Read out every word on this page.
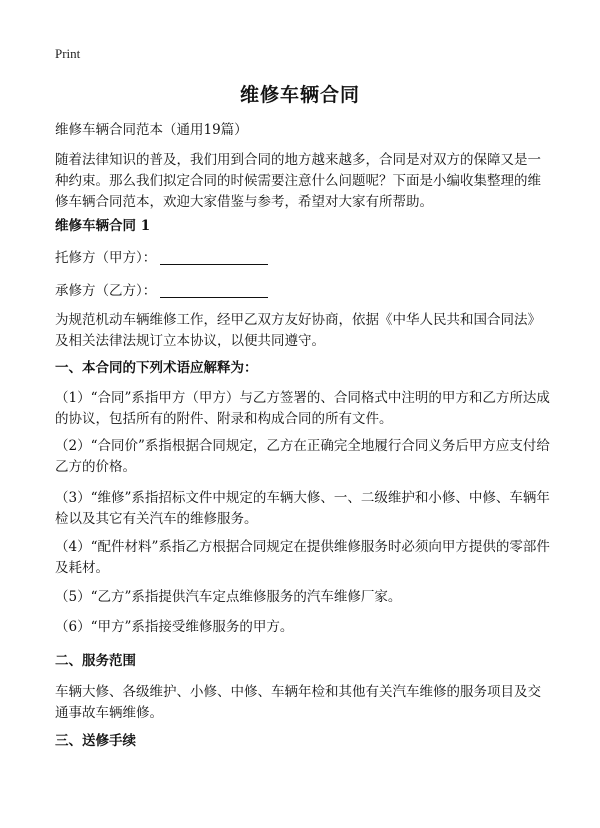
Print
维修车辆合同

维修车辆合同范本（通用19篇）

随着法律知识的普及，我们用到合同的地方越来越多，合同是对双方的保障又是一种约束。那么我们拟定合同的时候需要注意什么问题呢？下面是小编收集整理的维修车辆合同范本，欢迎大家借鉴与参考，希望对大家有所帮助。

维修车辆合同 1

托修方（甲方）：

承修方（乙方）：

为规范机动车辆维修工作，经甲乙双方友好协商，依据《中华人民共和国合同法》及相关法律法规订立本协议，以便共同遵守。

一、本合同的下列术语应解释为：

（1）“合同”系指甲方（甲方）与乙方签署的、合同格式中注明的甲方和乙方所达成的协议，包括所有的附件、附录和构成合同的所有文件。

（2）“合同价”系指根据合同规定，乙方在正确完全地履行合同义务后甲方应支付给乙方的价格。

（3）“维修”系指招标文件中规定的车辆大修、一、二级维护和小修、中修、车辆年检以及其它有关汽车的维修服务。

（4）“配件材料”系指乙方根据合同规定在提供维修服务时必须向甲方提供的零部件及耗材。

（5）“乙方”系指提供汽车定点维修服务的汽车维修厂家。

（6）“甲方”系指接受维修服务的甲方。

二、服务范围

车辆大修、各级维护、小修、中修、车辆年检和其他有关汽车维修的服务项目及交通事故车辆维修。

三、送修手续
